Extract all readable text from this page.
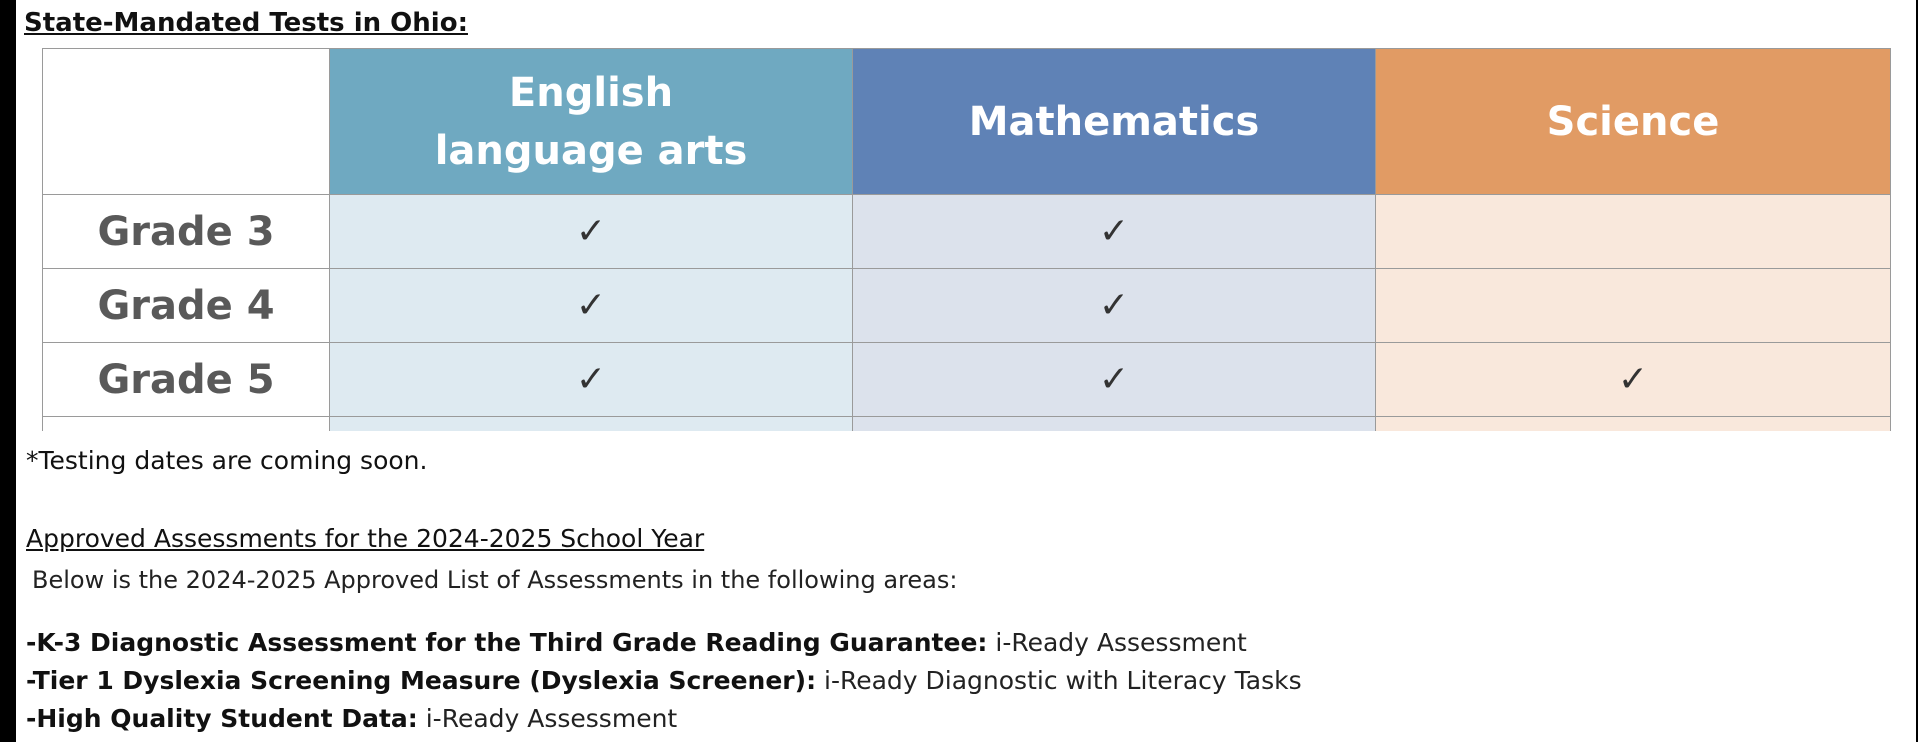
State-Mandated Tests in Ohio:

	English
language arts	Mathematics	Science

Grade 3	✓	✓	
Grade 4	✓	✓	
Grade 5	✓	✓	✓

*Testing dates are coming soon.
Approved Assessments for the 2024-2025 School Year
Below is the 2024-2025 Approved List of Assessments in the following areas:
-K-3 Diagnostic Assessment for the Third Grade Reading Guarantee: i-Ready Assessment
-Tier 1 Dyslexia Screening Measure (Dyslexia Screener): i-Ready Diagnostic with Literacy Tasks
-High Quality Student Data: i-Ready Assessment
